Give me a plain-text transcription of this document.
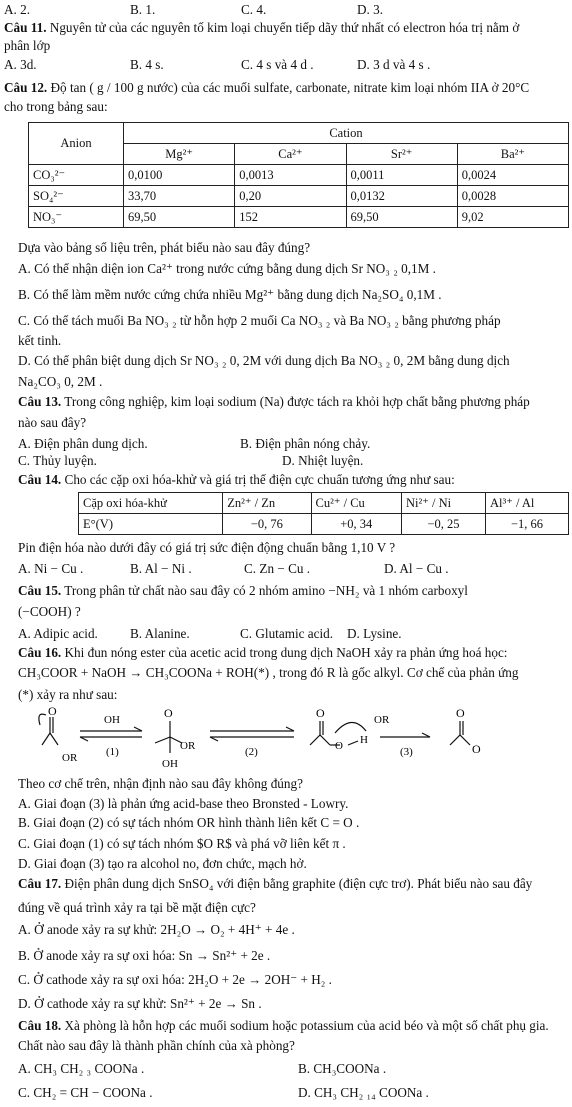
A. 2.	B. 1.	C. 4.	D. 3.
Câu 11. Nguyên tử của các nguyên tố kim loại chuyển tiếp dãy thứ nhất có electron hóa trị nằm ở
phân lớp
A. 3d.	B. 4 s.	C. 4 s và 4 d .	D. 3 d và 4 s .
Câu 12. Độ tan ( g / 100 g nước) của các muối sulfate, carbonate, nitrate kim loại nhóm IIA ở 20°C
cho trong bảng sau:
Anion	Cation			
	Mg²⁺	Ca²⁺	Sr²⁺	Ba²⁺
CO₃²⁻	0,0100	0,0013	0,0011	0,0024
SO₄²⁻	33,70	0,20	0,0132	0,0028
NO₃⁻	69,50	152	69,50	9,02
Dựa vào bảng số liệu trên, phát biểu nào sau đây đúng?
A. Có thể nhận diện ion Ca²⁺ trong nước cứng bằng dung dịch Sr NO₃ ₂ 0,1M .
B. Có thể làm mềm nước cứng chứa nhiều Mg²⁺ bằng dung dịch Na₂SO₄ 0,1M .
C. Có thể tách muối Ba NO₃ ₂ từ hỗn hợp 2 muối Ca NO₃ ₂ và Ba NO₃ ₂ bằng phương pháp
kết tinh.
D. Có thể phân biệt dung dịch Sr NO₃ ₂ 0, 2M với dung dịch Ba NO₃ ₂ 0, 2M bằng dung dịch
Na₂CO₃ 0, 2M .
Câu 13. Trong công nghiệp, kim loại sodium (Na) được tách ra khỏi hợp chất bằng phương pháp
nào sau đây?
A. Điện phân dung dịch.	B. Điện phân nóng chảy.
C. Thủy luyện.	D. Nhiệt luyện.
Câu 14. Cho các cặp oxi hóa-khử và giá trị thế điện cực chuẩn tương ứng như sau:
Cặp oxi hóa-khử	Zn²⁺ / Zn	Cu²⁺ / Cu	Ni²⁺ / Ni	Al³⁺ / Al
E°(V)	−0, 76	+0, 34	−0, 25	−1, 66
Pin điện hóa nào dưới đây có giá trị sức điện động chuẩn bằng 1,10 V ?
A. Ni − Cu .	B. Al − Ni .	C. Zn − Cu .	D. Al − Cu .
Câu 15. Trong phân tử chất nào sau đây có 2 nhóm amino −NH₂ và 1 nhóm carboxyl
(−COOH) ?
A. Adipic acid. B. Alanine.	C. Glutamic acid. D. Lysine.
Câu 16. Khi đun nóng ester của acetic acid trong dung dịch NaOH xảy ra phản ứng hoá học:
CH₃COOR + NaOH → CH₃COONa + ROH(*) , trong đó R là gốc alkyl. Cơ chế của phản ứng
(*) xảy ra như sau:
O
OR	(1)
OH	O
OR
OH
(2)
O
O H
OR
(3)
O
O
Theo cơ chế trên, nhận định nào sau đây không đúng?
A. Giai đoạn (3) là phản ứng acid-base theo Bronsted - Lowry.
B. Giai đoạn (2) có sự tách nhóm OR hình thành liên kết C = O .
C. Giai đoạn (1) có sự tách nhóm $O R$ và phá vỡ liên kết π .
D. Giai đoạn (3) tạo ra alcohol no, đơn chức, mạch hở.
Câu 17. Điện phân dung dịch SnSO₄ với điện bằng graphite (điện cực trơ). Phát biểu nào sau đây
đúng về quá trình xảy ra tại bề mặt điện cực?
A. Ở anode xảy ra sự khử: 2H₂O → O₂ + 4H⁺ + 4e .
B. Ở anode xảy ra sự oxi hóa: Sn → Sn²⁺ + 2e .
C. Ở cathode xảy ra sự oxi hóa: 2H₂O + 2e → 2OH⁻ + H₂ .
D. Ở cathode xảy ra sự khử: Sn²⁺ + 2e → Sn .
Câu 18. Xà phòng là hỗn hợp các muối sodium hoặc potassium của acid béo và một số chất phụ gia.
Chất nào sau đây là thành phần chính của xà phòng?
A. CH₃ CH₂ ₃ COONa .	B. CH₃COONa .
C. CH₂ = CH − COONa .	D. CH₃ CH₂ ₁₄ COONa .
